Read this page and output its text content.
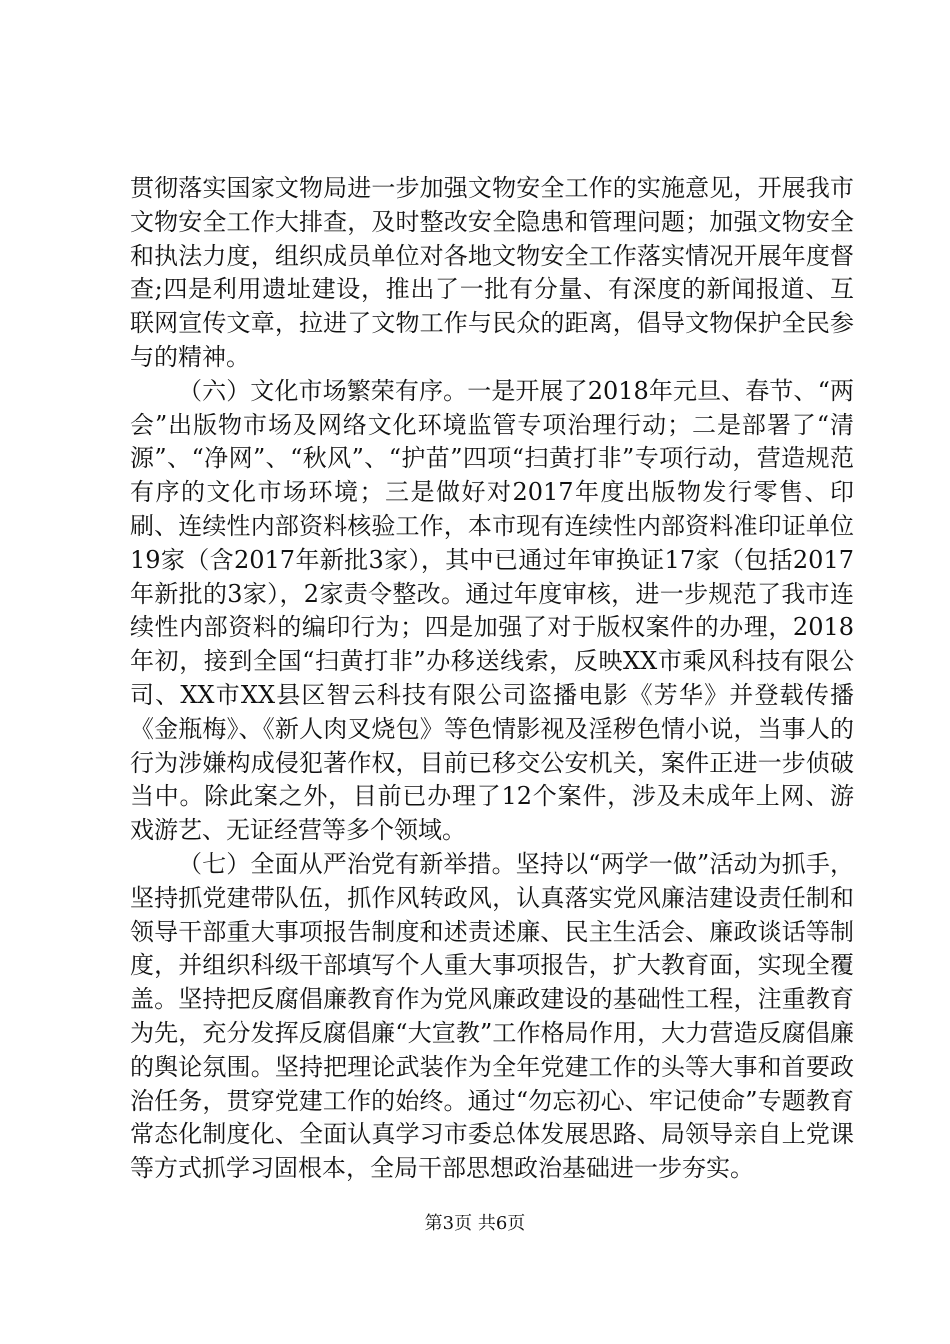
贯彻落实国家文物局进一步加强文物安全工作的实施意见，开展我市文物安全工作大排查，及时整改安全隐患和管理问题；加强文物安全和执法力度，组织成员单位对各地文物安全工作落实情况开展年度督查;四是利用遗址建设，推出了一批有分量、有深度的新闻报道、互联网宣传文章，拉进了文物工作与民众的距离，倡导文物保护全民参与的精神。

（六）文化市场繁荣有序。一是开展了2018年元旦、春节、“两会”出版物市场及网络文化环境监管专项治理行动；二是部署了“清源”、“净网”、“秋风”、“护苗”四项“扫黄打非”专项行动，营造规范有序的文化市场环境；三是做好对2017年度出版物发行零售、印刷、连续性内部资料核验工作，本市现有连续性内部资料准印证单位19家（含2017年新批3家），其中已通过年审换证17家（包括2017年新批的3家），2家责令整改。通过年度审核，进一步规范了我市连续性内部资料的编印行为；四是加强了对于版权案件的办理，2018年初，接到全国“扫黄打非”办移送线索，反映XX市乘风科技有限公司、XX市XX县区智云科技有限公司盗播电影《芳华》并登载传播《金瓶梅》、《新人肉叉烧包》等色情影视及淫秽色情小说，当事人的行为涉嫌构成侵犯著作权，目前已移交公安机关，案件正进一步侦破当中。除此案之外，目前已办理了12个案件，涉及未成年上网、游戏游艺、无证经营等多个领域。

（七）全面从严治党有新举措。坚持以“两学一做”活动为抓手，坚持抓党建带队伍，抓作风转政风，认真落实党风廉洁建设责任制和领导干部重大事项报告制度和述责述廉、民主生活会、廉政谈话等制度，并组织科级干部填写个人重大事项报告，扩大教育面，实现全覆盖。坚持把反腐倡廉教育作为党风廉政建设的基础性工程，注重教育为先，充分发挥反腐倡廉“大宣教”工作格局作用，大力营造反腐倡廉的舆论氛围。坚持把理论武装作为全年党建工作的头等大事和首要政治任务，贯穿党建工作的始终。通过“勿忘初心、牢记使命”专题教育常态化制度化、全面认真学习市委总体发展思路、局领导亲自上党课等方式抓学习固根本，全局干部思想政治基础进一步夯实。

第3页 共6页
